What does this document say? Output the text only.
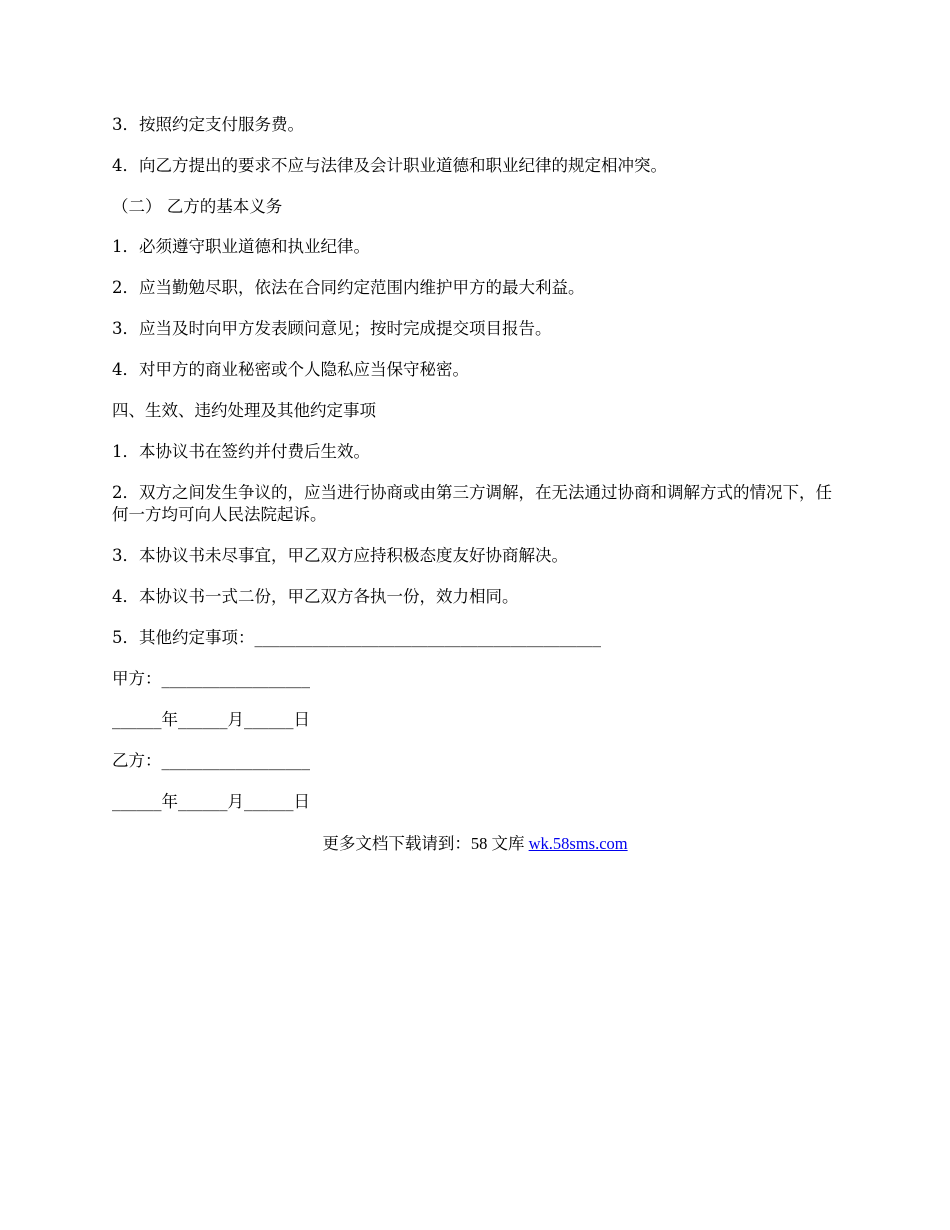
3．按照约定支付服务费。
4．向乙方提出的要求不应与法律及会计职业道德和职业纪律的规定相冲突。
（二） 乙方的基本义务
1．必须遵守职业道德和执业纪律。
2．应当勤勉尽职，依法在合同约定范围内维护甲方的最大利益。
3．应当及时向甲方发表顾问意见；按时完成提交项目报告。
4．对甲方的商业秘密或个人隐私应当保守秘密。
四、生效、违约处理及其他约定事项
1．本协议书在签约并付费后生效。
2．双方之间发生争议的，应当进行协商或由第三方调解，在无法通过协商和调解方式的情况下，任何一方均可向人民法院起诉。
3．本协议书未尽事宜，甲乙双方应持积极态度友好协商解决。
4．本协议书一式二份，甲乙双方各执一份，效力相同。
5．其他约定事项：__________________________________________
甲方：__________________
______年______月______日
乙方：__________________
______年______月______日
更多文档下载请到：58 文库 wk.58sms.com
